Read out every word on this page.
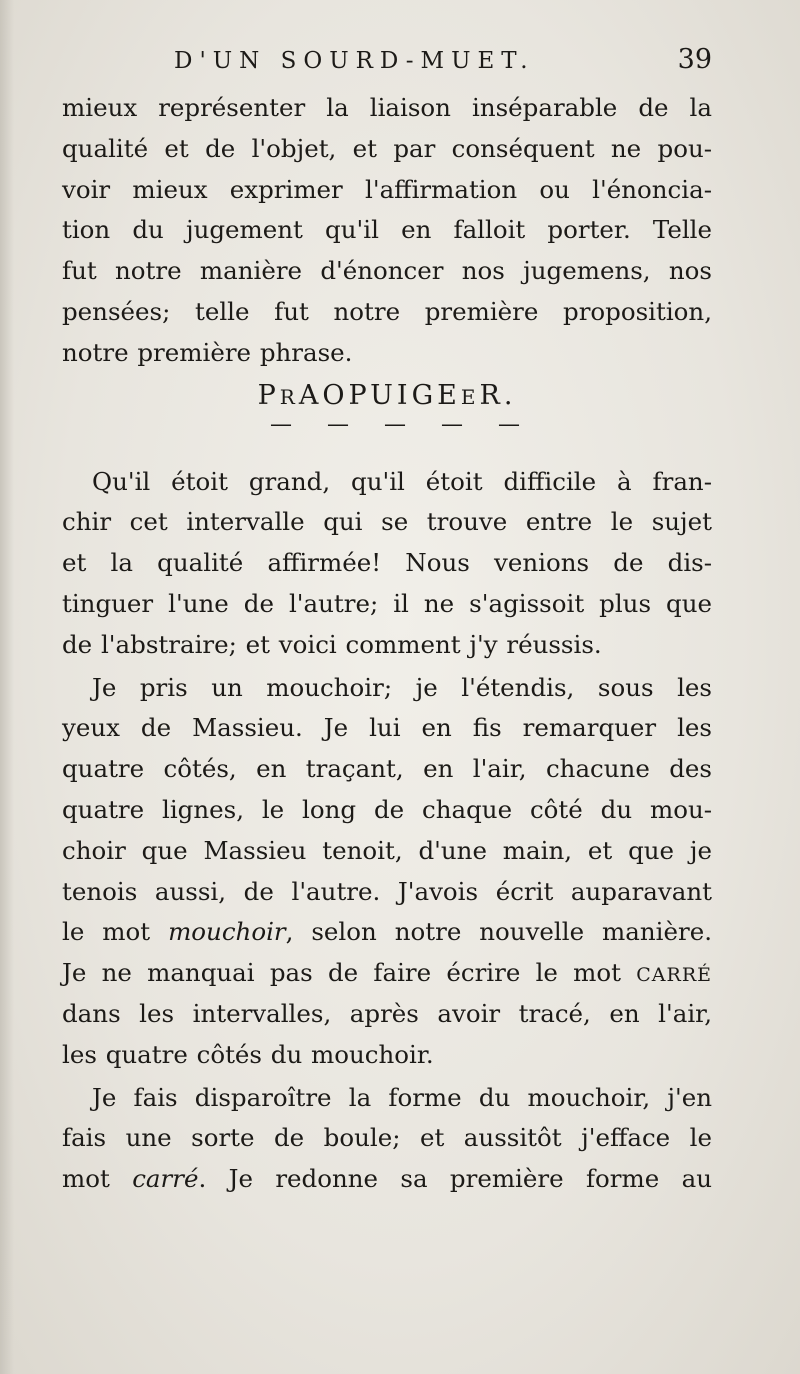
D'UN SOURD-MUET.	39
mieux représenter la liaison inséparable de la
qualité et de l'objet, et par conséquent ne pou-
voir mieux exprimer l'affirmation ou l'énoncia-
tion du jugement qu'il en falloit porter. Telle
fut notre manière d'énoncer nos jugemens, nos
pensées; telle fut notre première proposition,
notre première phrase.
PRAOPUIGEER.
— — — — —
Qu'il étoit grand, qu'il étoit difficile à fran-
chir cet intervalle qui se trouve entre le sujet
et la qualité affirmée! Nous venions de dis-
tinguer l'une de l'autre; il ne s'agissoit plus que
de l'abstraire; et voici comment j'y réussis.
Je pris un mouchoir; je l'étendis, sous les
yeux de Massieu. Je lui en fis remarquer les
quatre côtés, en traçant, en l'air, chacune des
quatre lignes, le long de chaque côté du mou-
choir que Massieu tenoit, d'une main, et que je
tenois aussi, de l'autre. J'avois écrit auparavant
le mot mouchoir, selon notre nouvelle manière.
Je ne manquai pas de faire écrire le mot CARRÉ
dans les intervalles, après avoir tracé, en l'air,
les quatre côtés du mouchoir.
Je fais disparoître la forme du mouchoir, j'en
fais une sorte de boule; et aussitôt j'efface le
mot carré. Je redonne sa première forme au
